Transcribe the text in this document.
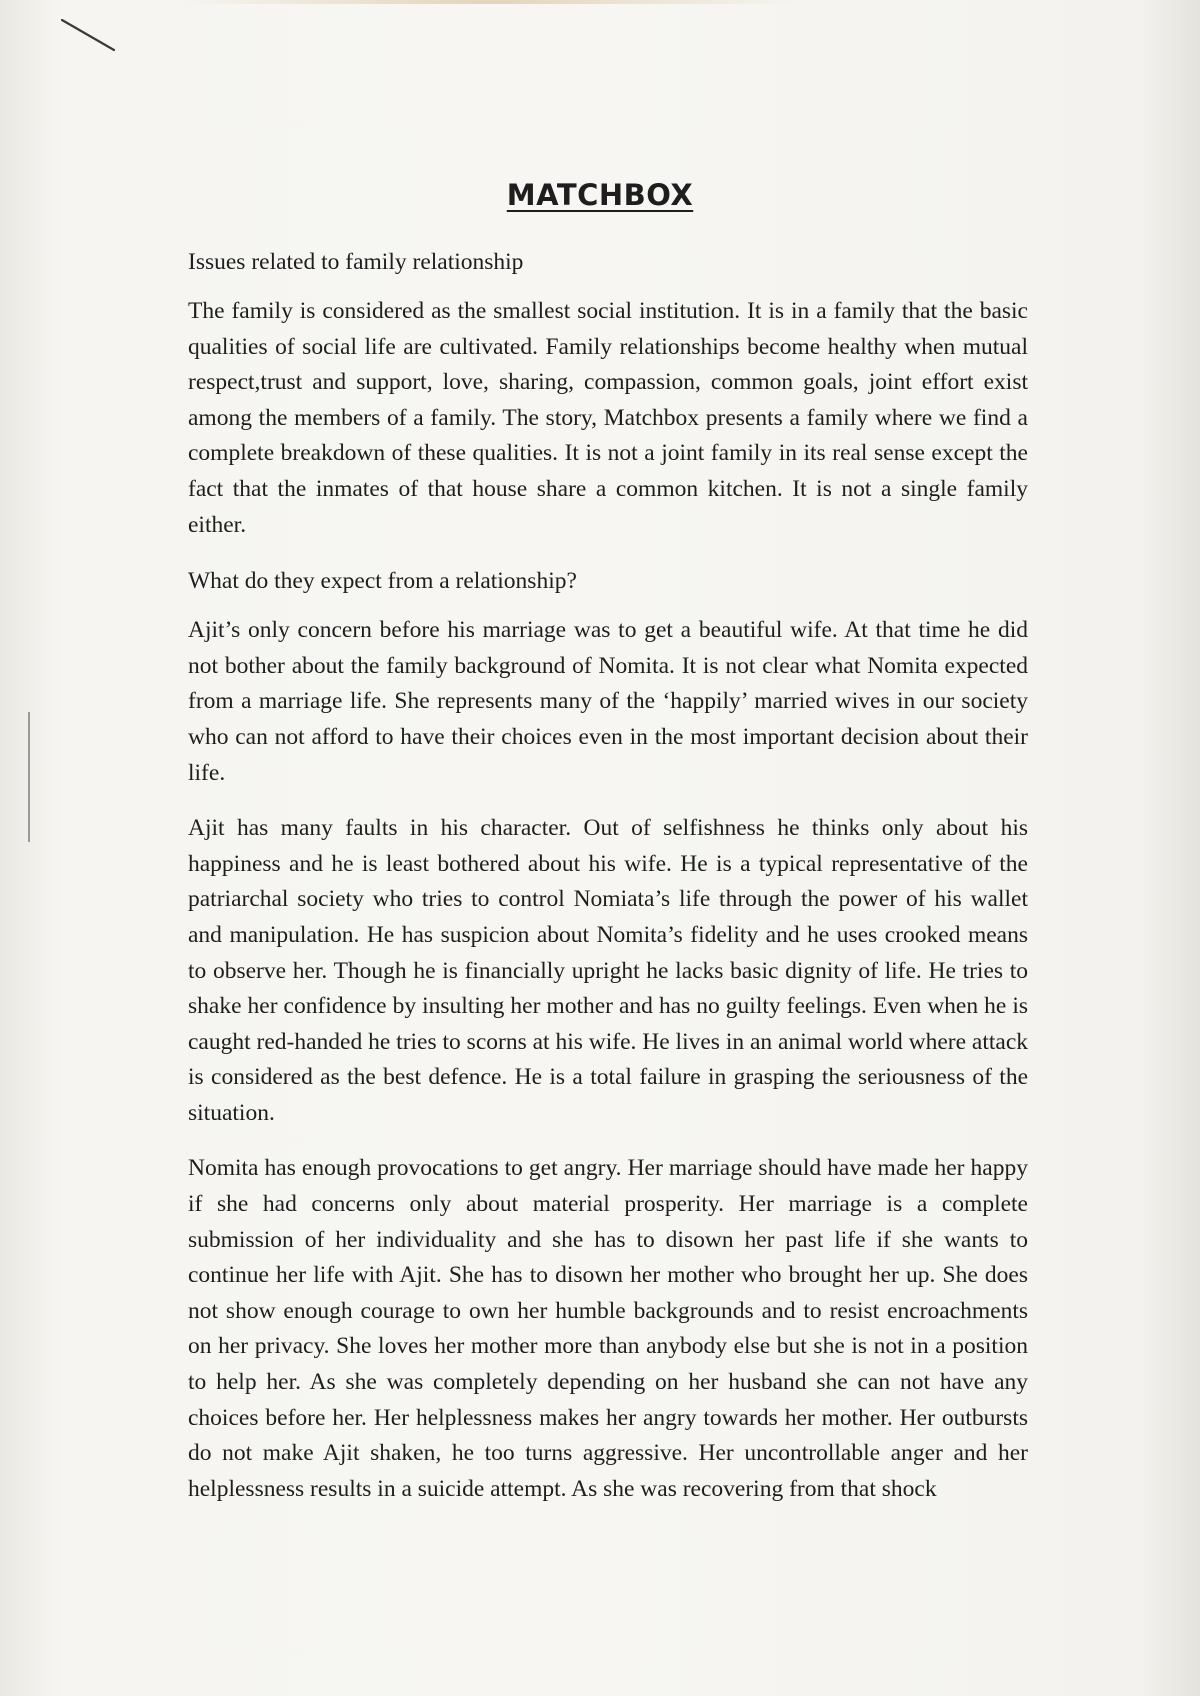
MATCHBOX

Issues related to family relationship

The family is considered as the smallest social institution. It is in a family that the basic qualities of social life are cultivated. Family relationships become healthy when mutual respect,trust and support, love, sharing, compassion, common goals, joint effort exist among the members of a family. The story, Matchbox presents a family where we find a complete breakdown of these qualities. It is not a joint family in its real sense except the fact that the inmates of that house share a common kitchen. It is not a single family either.

What do they expect from a relationship?

Ajit’s only concern before his marriage was to get a beautiful wife. At that time he did not bother about the family background of Nomita. It is not clear what Nomita expected from a marriage life. She represents many of the ‘happily’ married wives in our society who can not afford to have their choices even in the most important decision about their life.

Ajit has many faults in his character. Out of selfishness he thinks only about his happiness and he is least bothered about his wife. He is a typical representative of the patriarchal society who tries to control Nomiata’s life through the power of his wallet and manipulation. He has suspicion about Nomita’s fidelity and he uses crooked means to observe her. Though he is financially upright he lacks basic dignity of life. He tries to shake her confidence by insulting her mother and has no guilty feelings. Even when he is caught red-handed he tries to scorns at his wife. He lives in an animal world where attack is considered as the best defence. He is a total failure in grasping the seriousness of the situation.

Nomita has enough provocations to get angry. Her marriage should have made her happy if she had concerns only about material prosperity. Her marriage is a complete submission of her individuality and she has to disown her past life if she wants to continue her life with Ajit. She has to disown her mother who brought her up. She does not show enough courage to own her humble backgrounds and to resist encroachments on her privacy. She loves her mother more than anybody else but she is not in a position to help her. As she was completely depending on her husband she can not have any choices before her. Her helplessness makes her angry towards her mother. Her outbursts do not make Ajit shaken, he too turns aggressive. Her uncontrollable anger and her helplessness results in a suicide attempt. As she was recovering from that shock
